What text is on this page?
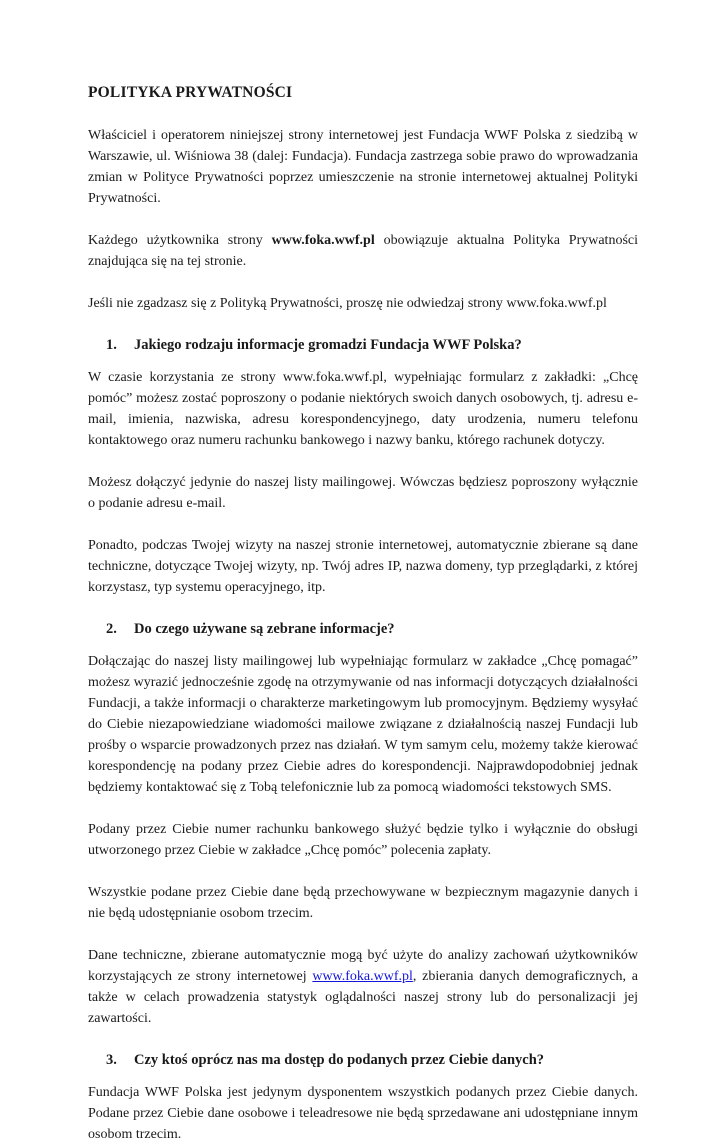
POLITYKA PRYWATNOŚCI

Właściciel i operatorem niniejszej strony internetowej jest Fundacja WWF Polska z siedzibą w Warszawie, ul. Wiśniowa 38 (dalej: Fundacja). Fundacja zastrzega sobie prawo do wprowadzania zmian w Polityce Prywatności poprzez umieszczenie na stronie internetowej aktualnej Polityki Prywatności.

Każdego użytkownika strony www.foka.wwf.pl obowiązuje aktualna Polityka Prywatności znajdująca się na tej stronie.

Jeśli nie zgadzasz się z Polityką Prywatności, proszę nie odwiedzaj strony www.foka.wwf.pl

1. Jakiego rodzaju informacje gromadzi Fundacja WWF Polska?

W czasie korzystania ze strony www.foka.wwf.pl, wypełniając formularz z zakładki: „Chcę pomóc” możesz zostać poproszony o podanie niektórych swoich danych osobowych, tj. adresu e-mail, imienia, nazwiska, adresu korespondencyjnego, daty urodzenia, numeru telefonu kontaktowego oraz numeru rachunku bankowego i nazwy banku, którego rachunek dotyczy.

Możesz dołączyć jedynie do naszej listy mailingowej. Wówczas będziesz poproszony wyłącznie o podanie adresu e-mail.

Ponadto, podczas Twojej wizyty na naszej stronie internetowej, automatycznie zbierane są dane techniczne, dotyczące Twojej wizyty, np. Twój adres IP, nazwa domeny, typ przeglądarki, z której korzystasz, typ systemu operacyjnego, itp.

2. Do czego używane są zebrane informacje?

Dołączając do naszej listy mailingowej lub wypełniając formularz w zakładce „Chcę pomagać” możesz wyrazić jednocześnie zgodę na otrzymywanie od nas informacji dotyczących działalności Fundacji, a także informacji o charakterze marketingowym lub promocyjnym. Będziemy wysyłać do Ciebie niezapowiedziane wiadomości mailowe związane z działalnością naszej Fundacji lub prośby o wsparcie prowadzonych przez nas działań. W tym samym celu, możemy także kierować korespondencję na podany przez Ciebie adres do korespondencji. Najprawdopodobniej jednak będziemy kontaktować się z Tobą telefonicznie lub za pomocą wiadomości tekstowych SMS.

Podany przez Ciebie numer rachunku bankowego służyć będzie tylko i wyłącznie do obsługi utworzonego przez Ciebie w zakładce „Chcę pomóc” polecenia zapłaty.

Wszystkie podane przez Ciebie dane będą przechowywane w bezpiecznym magazynie danych i nie będą udostępnianie osobom trzecim.

Dane techniczne, zbierane automatycznie mogą być użyte do analizy zachowań użytkowników korzystających ze strony internetowej www.foka.wwf.pl, zbierania danych demograficznych, a także w celach prowadzenia statystyk oglądalności naszej strony lub do personalizacji jej zawartości.

3. Czy ktoś oprócz nas ma dostęp do podanych przez Ciebie danych?

Fundacja WWF Polska jest jedynym dysponentem wszystkich podanych przez Ciebie danych. Podane przez Ciebie dane osobowe i teleadresowe nie będą sprzedawane ani udostępniane innym osobom trzecim.
